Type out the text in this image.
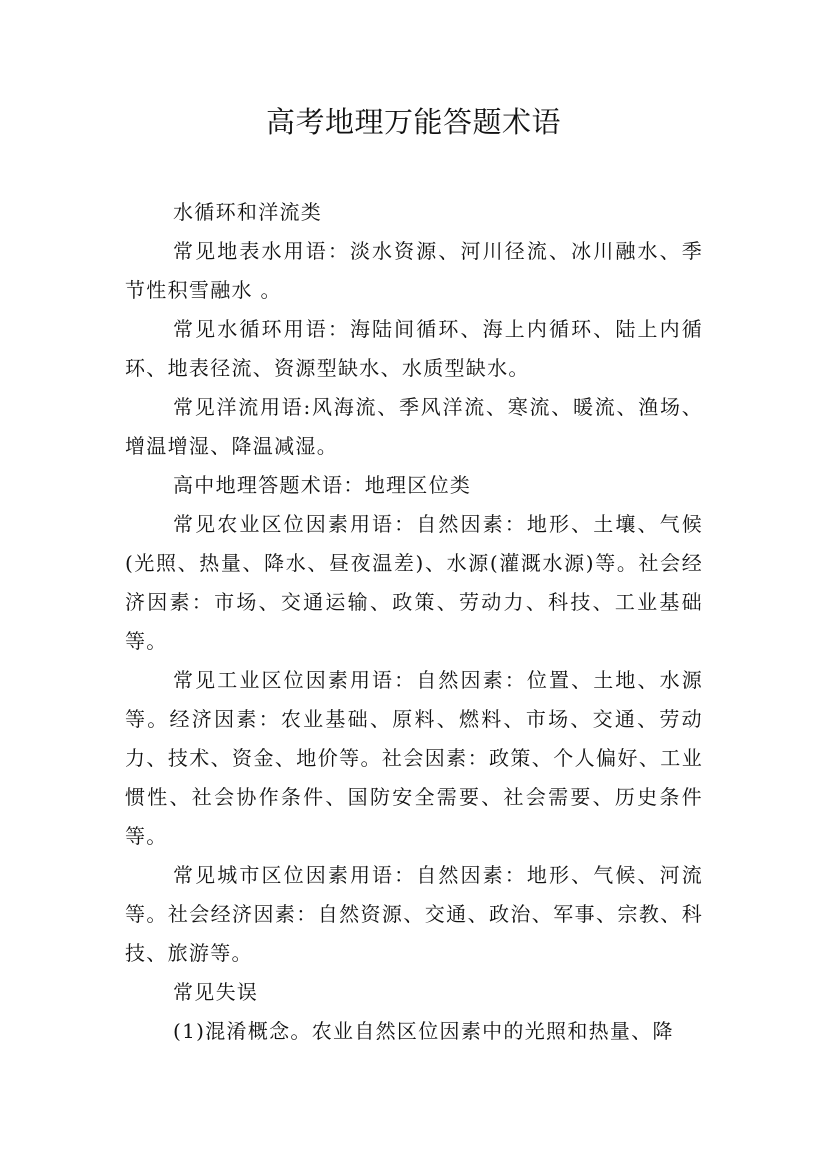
高考地理万能答题术语

水循环和洋流类

常见地表水用语：淡水资源、河川径流、冰川融水、季节性积雪融水 。

常见水循环用语：海陆间循环、海上内循环、陆上内循环、地表径流、资源型缺水、水质型缺水。

常见洋流用语:风海流、季风洋流、寒流、暖流、渔场、增温增湿、降温减湿。

高中地理答题术语：地理区位类

常见农业区位因素用语：自然因素：地形、土壤、气候(光照、热量、降水、昼夜温差)、水源(灌溉水源)等。社会经济因素：市场、交通运输、政策、劳动力、科技、工业基础等。

常见工业区位因素用语：自然因素：位置、土地、水源等。经济因素：农业基础、原料、燃料、市场、交通、劳动力、技术、资金、地价等。社会因素：政策、个人偏好、工业惯性、社会协作条件、国防安全需要、社会需要、历史条件等。

常见城市区位因素用语：自然因素：地形、气候、河流等。社会经济因素：自然资源、交通、政治、军事、宗教、科技、旅游等。

常见失误

(1)混淆概念。农业自然区位因素中的光照和热量、降
